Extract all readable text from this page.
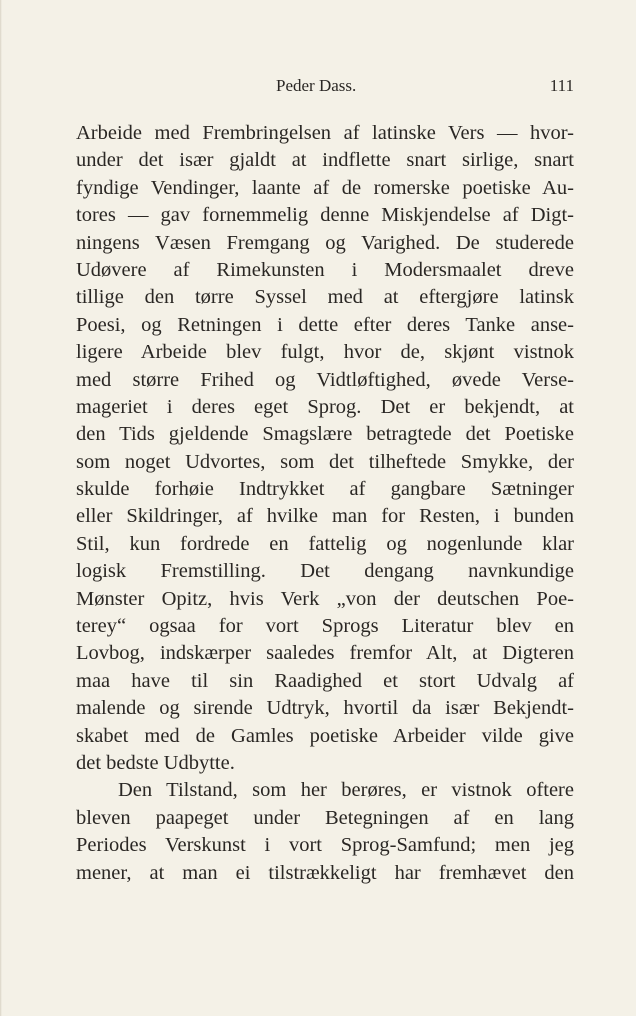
Peder Dass.	111
Arbeide med Frembringelsen af latinske Vers — hvor-
under det især gjaldt at indflette snart sirlige, snart
fyndige Vendinger, laante af de romerske poetiske Au-
tores — gav fornemmelig denne Miskjendelse af Digt-
ningens Væsen Fremgang og Varighed. De studerede
Udøvere af Rimekunsten i Modersmaalet dreve
tillige den tørre Syssel med at eftergjøre latinsk
Poesi, og Retningen i dette efter deres Tanke anse-
ligere Arbeide blev fulgt, hvor de, skjønt vistnok
med større Frihed og Vidtløftighed, øvede Verse-
mageriet i deres eget Sprog. Det er bekjendt, at
den Tids gjeldende Smagslære betragtede det Poetiske
som noget Udvortes, som det tilheftede Smykke, der
skulde forhøie Indtrykket af gangbare Sætninger
eller Skildringer, af hvilke man for Resten, i bunden
Stil, kun fordrede en fattelig og nogenlunde klar
logisk Fremstilling. Det dengang navnkundige
Mønster Opitz, hvis Verk „von der deutschen Poe-
terey“ ogsaa for vort Sprogs Literatur blev en
Lovbog, indskærper saaledes fremfor Alt, at Digteren
maa have til sin Raadighed et stort Udvalg af
malende og sirende Udtryk, hvortil da især Bekjendt-
skabet med de Gamles poetiske Arbeider vilde give
det bedste Udbytte.
Den Tilstand, som her berøres, er vistnok oftere
bleven paapeget under Betegningen af en lang
Periodes Verskunst i vort Sprog-Samfund; men jeg
mener, at man ei tilstrækkeligt har fremhævet den
